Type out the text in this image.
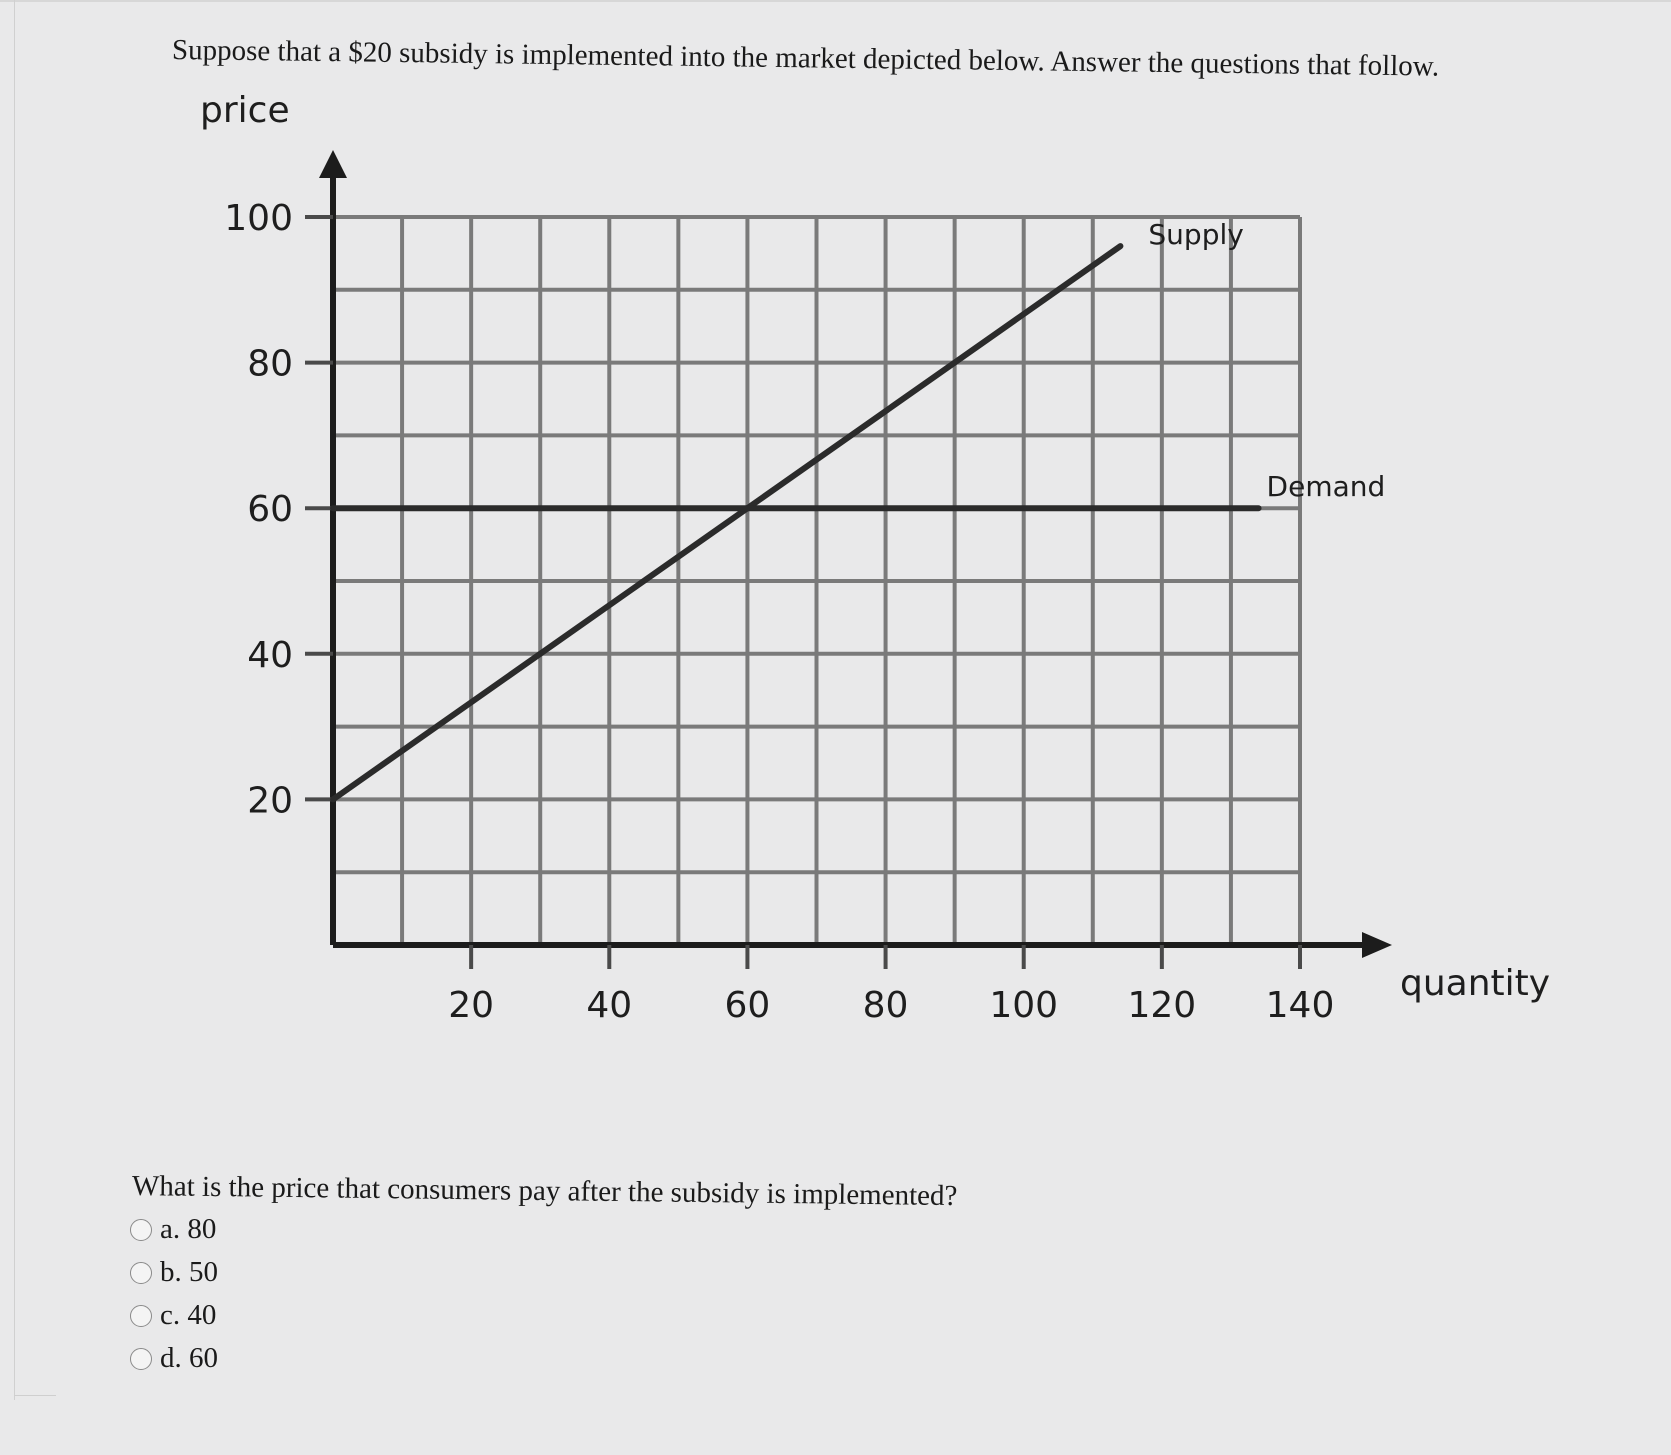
Suppose that a $20 subsidy is implemented into the market depicted below. Answer the questions that follow.
20
40
60
80
100
20	40	60	80 100 120 140
price
quantity
Supply
Demand
What is the price that consumers pay after the subsidy is implemented?
a. 80
b. 50
c. 40
d. 60
